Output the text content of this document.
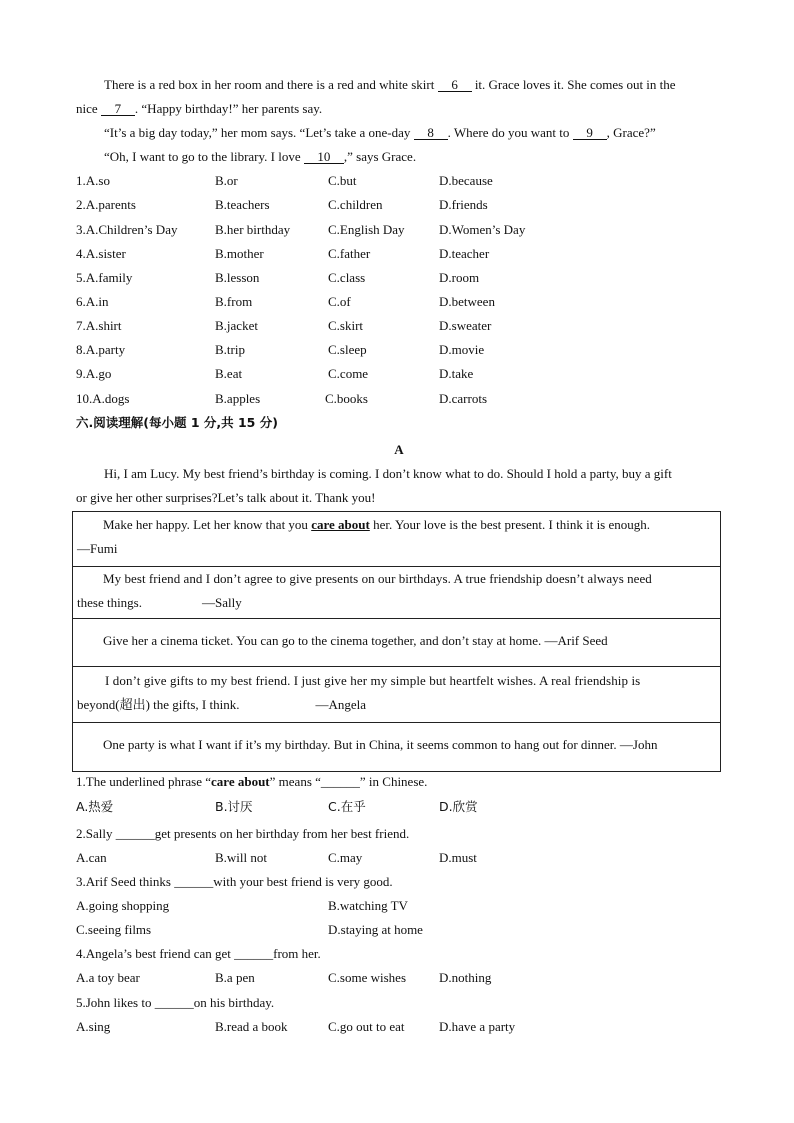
There is a red box in her room and there is a red and white skirt 6 it. Grace loves it. She comes out in the
nice 7 . “Happy birthday!” her parents say.
“It’s a big day today,” her mom says. “Let’s take a one-day 8 . Where do you want to 9 , Grace?”
“Oh, I want to go to the library. I love 10 ,” says Grace.
1.A.so	B.or	C.but	D.because
2.A.parents	B.teachers	C.children	D.friends
3.A.Children’s Day	B.her birthday	C.English Day	D.Women’s Day
4.A.sister	B.mother	C.father	D.teacher
5.A.family	B.lesson	C.class	D.room
6.A.in	B.from	C.of	D.between
7.A.shirt	B.jacket	C.skirt	D.sweater
8.A.party	B.trip	C.sleep	D.movie
9.A.go	B.eat	C.come	D.take
10.A.dogs	B.apples	C.books	D.carrots
六.阅读理解(每小题 1 分,共 15 分)
A
Hi, I am Lucy. My best friend’s birthday is coming. I don’t know what to do. Should I hold a party, buy a gift
or give her other surprises?Let’s talk about it. Thank you!
1.The underlined phrase “care about” means “______” in Chinese.
A.热爱	B.讨厌	C.在乎	D.欣赏
2.Sally ______get presents on her birthday from her best friend.
A.can	B.will not	C.may	D.must
3.Arif Seed thinks ______with your best friend is very good.
A.going shopping	B.watching TV
C.seeing films	D.staying at home
4.Angela’s best friend can get ______from her.
A.a toy bear	B.a pen	C.some wishes	D.nothing
5.John likes to ______on his birthday.
A.sing	B.read a book	C.go out to eat	D.have a party
Make her happy. Let her know that you care about her. Your love is the best present. I think it is enough.
—Fumi
My best friend and I don’t agree to give presents on our birthdays. A true friendship doesn’t always need
these things.	—Sally
Give her a cinema ticket. You can go to the cinema together, and don’t stay at home. —Arif Seed
I don’t give gifts to my best friend. I just give her my simple but heartfelt wishes. A real friendship is
beyond(超出) the gifts, I think.	—Angela
One party is what I want if it’s my birthday. But in China, it seems common to hang out for dinner. —John
